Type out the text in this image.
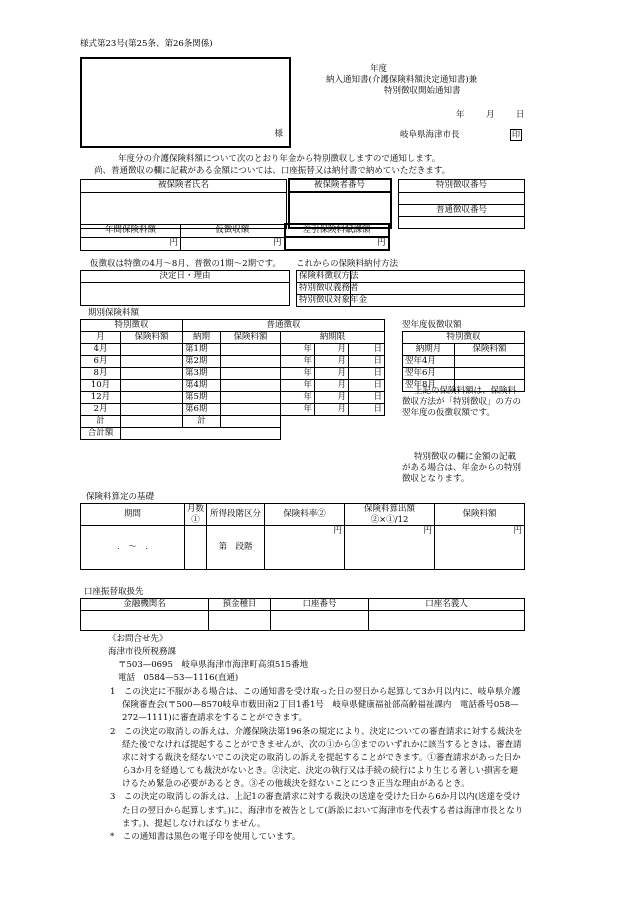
様式第23号(第25条、第26条関係)
様
年度
納入通知書(介護保険料額決定通知書)兼
特別徴収開始通知書
年	月	日
岐阜県海津市長	印
年度分の介護保険料額について次のとおり年金から特別徴収しますので通知します。
尚、普通徴収の欄に記載がある金額については、口座振替又は納付書で納めていただきます。
被保険者氏名		被保険者番号		特別徴収番号

				普通徴収番号

年間保険料額	仮徴収額	差引保険料賦課額
円	円	円
仮徴収は特徴の4月〜8月、普徴の1期〜2期です。 これからの保険料納付方法
決定日・理由	保険料徴収方法	
特別徴収義務者	
特別徴収対象年金	
期別保険料額
特別徴収		普通徴収				
月	保険料額	納期	保険料額	納期限		
4月		第1期		年	月	日
6月		第2期		年	月	日
8月		第3期		年	月	日
10月		第4期		年	月	日
12月		第5期		年	月	日
2月		第6期		年	月	日
計		計				
合計額						
翌年度仮徴収額
特別徴収	
納期月	保険料額
翌年4月	
翌年6月	
翌年8月	
上記の保険料額は、保険料徴収方法が「特別徴収」の方の翌年度の仮徴収額です。
特別徴収の欄に金額の記載がある場合は、年金からの特別徴収となります。
保険料算定の基礎
期間	月数①	所得段階区分	保険料率②	保険料算出額②×①/12	保険料額
.　〜　.		第　段階	円	円	円
口座振替取扱先
金融機関名	預金種目	口座番号	口座名義人

《お問合せ先》
海津市役所税務課
〒503—0695　岐阜県海津市海津町高須515番地
電話　0584—53—1116(直通)

1　この決定に不服がある場合は、この通知書を受け取った日の翌日から起算して3か月以内に、岐阜県介護保険審査会(〒500—8570岐阜市薮田南2丁目1番1号　岐阜県健康福祉部高齢福祉課内　電話番号058—272—1111)に審査請求をすることができます。

2　この決定の取消しの訴えは、介護保険法第196条の規定により、決定についての審査請求に対する裁決を経た後でなければ提起することができませんが、次の①から③までのいずれかに該当するときは、審査請求に対する裁決を経ないでこの決定の取消しの訴えを提起することができます。①審査請求があった日から3か月を経過しても裁決がないとき。②決定、決定の執行又は手続の続行により生じる著しい損害を避けるため緊急の必要があるとき。③その他裁決を経ないことにつき正当な理由があるとき。

3　この決定の取消しの訴えは、上記1の審査請求に対する裁決の送達を受けた日から6か月以内(送達を受けた日の翌日から起算します。)に、海津市を被告として(訴訟において海津市を代表する者は海津市長となります。)、提起しなければなりません。

*　この通知書は黒色の電子印を使用しています。
